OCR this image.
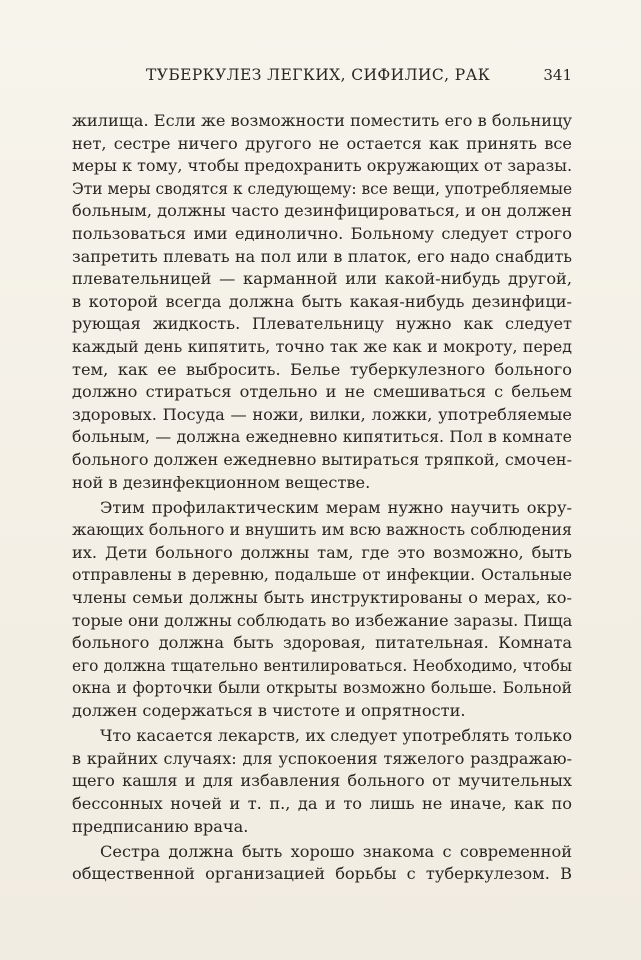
ТУБЕРКУЛЕЗ ЛЕГКИХ, СИФИЛИС, РАК	341
жилища. Если же возможности поместить его в больницу
нет, сестре ничего другого не остается как принять все
меры к тому, чтобы предохранить окружающих от заразы.
Эти меры сводятся к следующему: все вещи, употребляемые
больным, должны часто дезинфицироваться, и он должен
пользоваться ими единолично. Больному следует строго
запретить плевать на пол или в платок, его надо снабдить
плевательницей — карманной или какой-нибудь другой,
в которой всегда должна быть какая-нибудь дезинфици-
рующая жидкость. Плевательницу нужно как следует
каждый день кипятить, точно так же как и мокроту, перед
тем, как ее выбросить. Белье туберкулезного больного
должно стираться отдельно и не смешиваться с бельем
здоровых. Посуда — ножи, вилки, ложки, употребляемые
больным, — должна ежедневно кипятиться. Пол в комнате
больного должен ежедневно вытираться тряпкой, смочен-
ной в дезинфекционном веществе.
Этим профилактическим мерам нужно научить окру-
жающих больного и внушить им всю важность соблюдения
их. Дети больного должны там, где это возможно, быть
отправлены в деревню, подальше от инфекции. Остальные
члены семьи должны быть инструктированы о мерах, ко-
торые они должны соблюдать во избежание заразы. Пища
больного должна быть здоровая, питательная. Комната
его должна тщательно вентилироваться. Необходимо, чтобы
окна и форточки были открыты возможно больше. Больной
должен содержаться в чистоте и опрятности.
Что касается лекарств, их следует употреблять только
в крайних случаях: для успокоения тяжелого раздражаю-
щего кашля и для избавления больного от мучительных
бессонных ночей и т. п., да и то лишь не иначе, как по
предписанию врача.
Сестра должна быть хорошо знакома с современной
общественной организацией борьбы с туберкулезом. В
